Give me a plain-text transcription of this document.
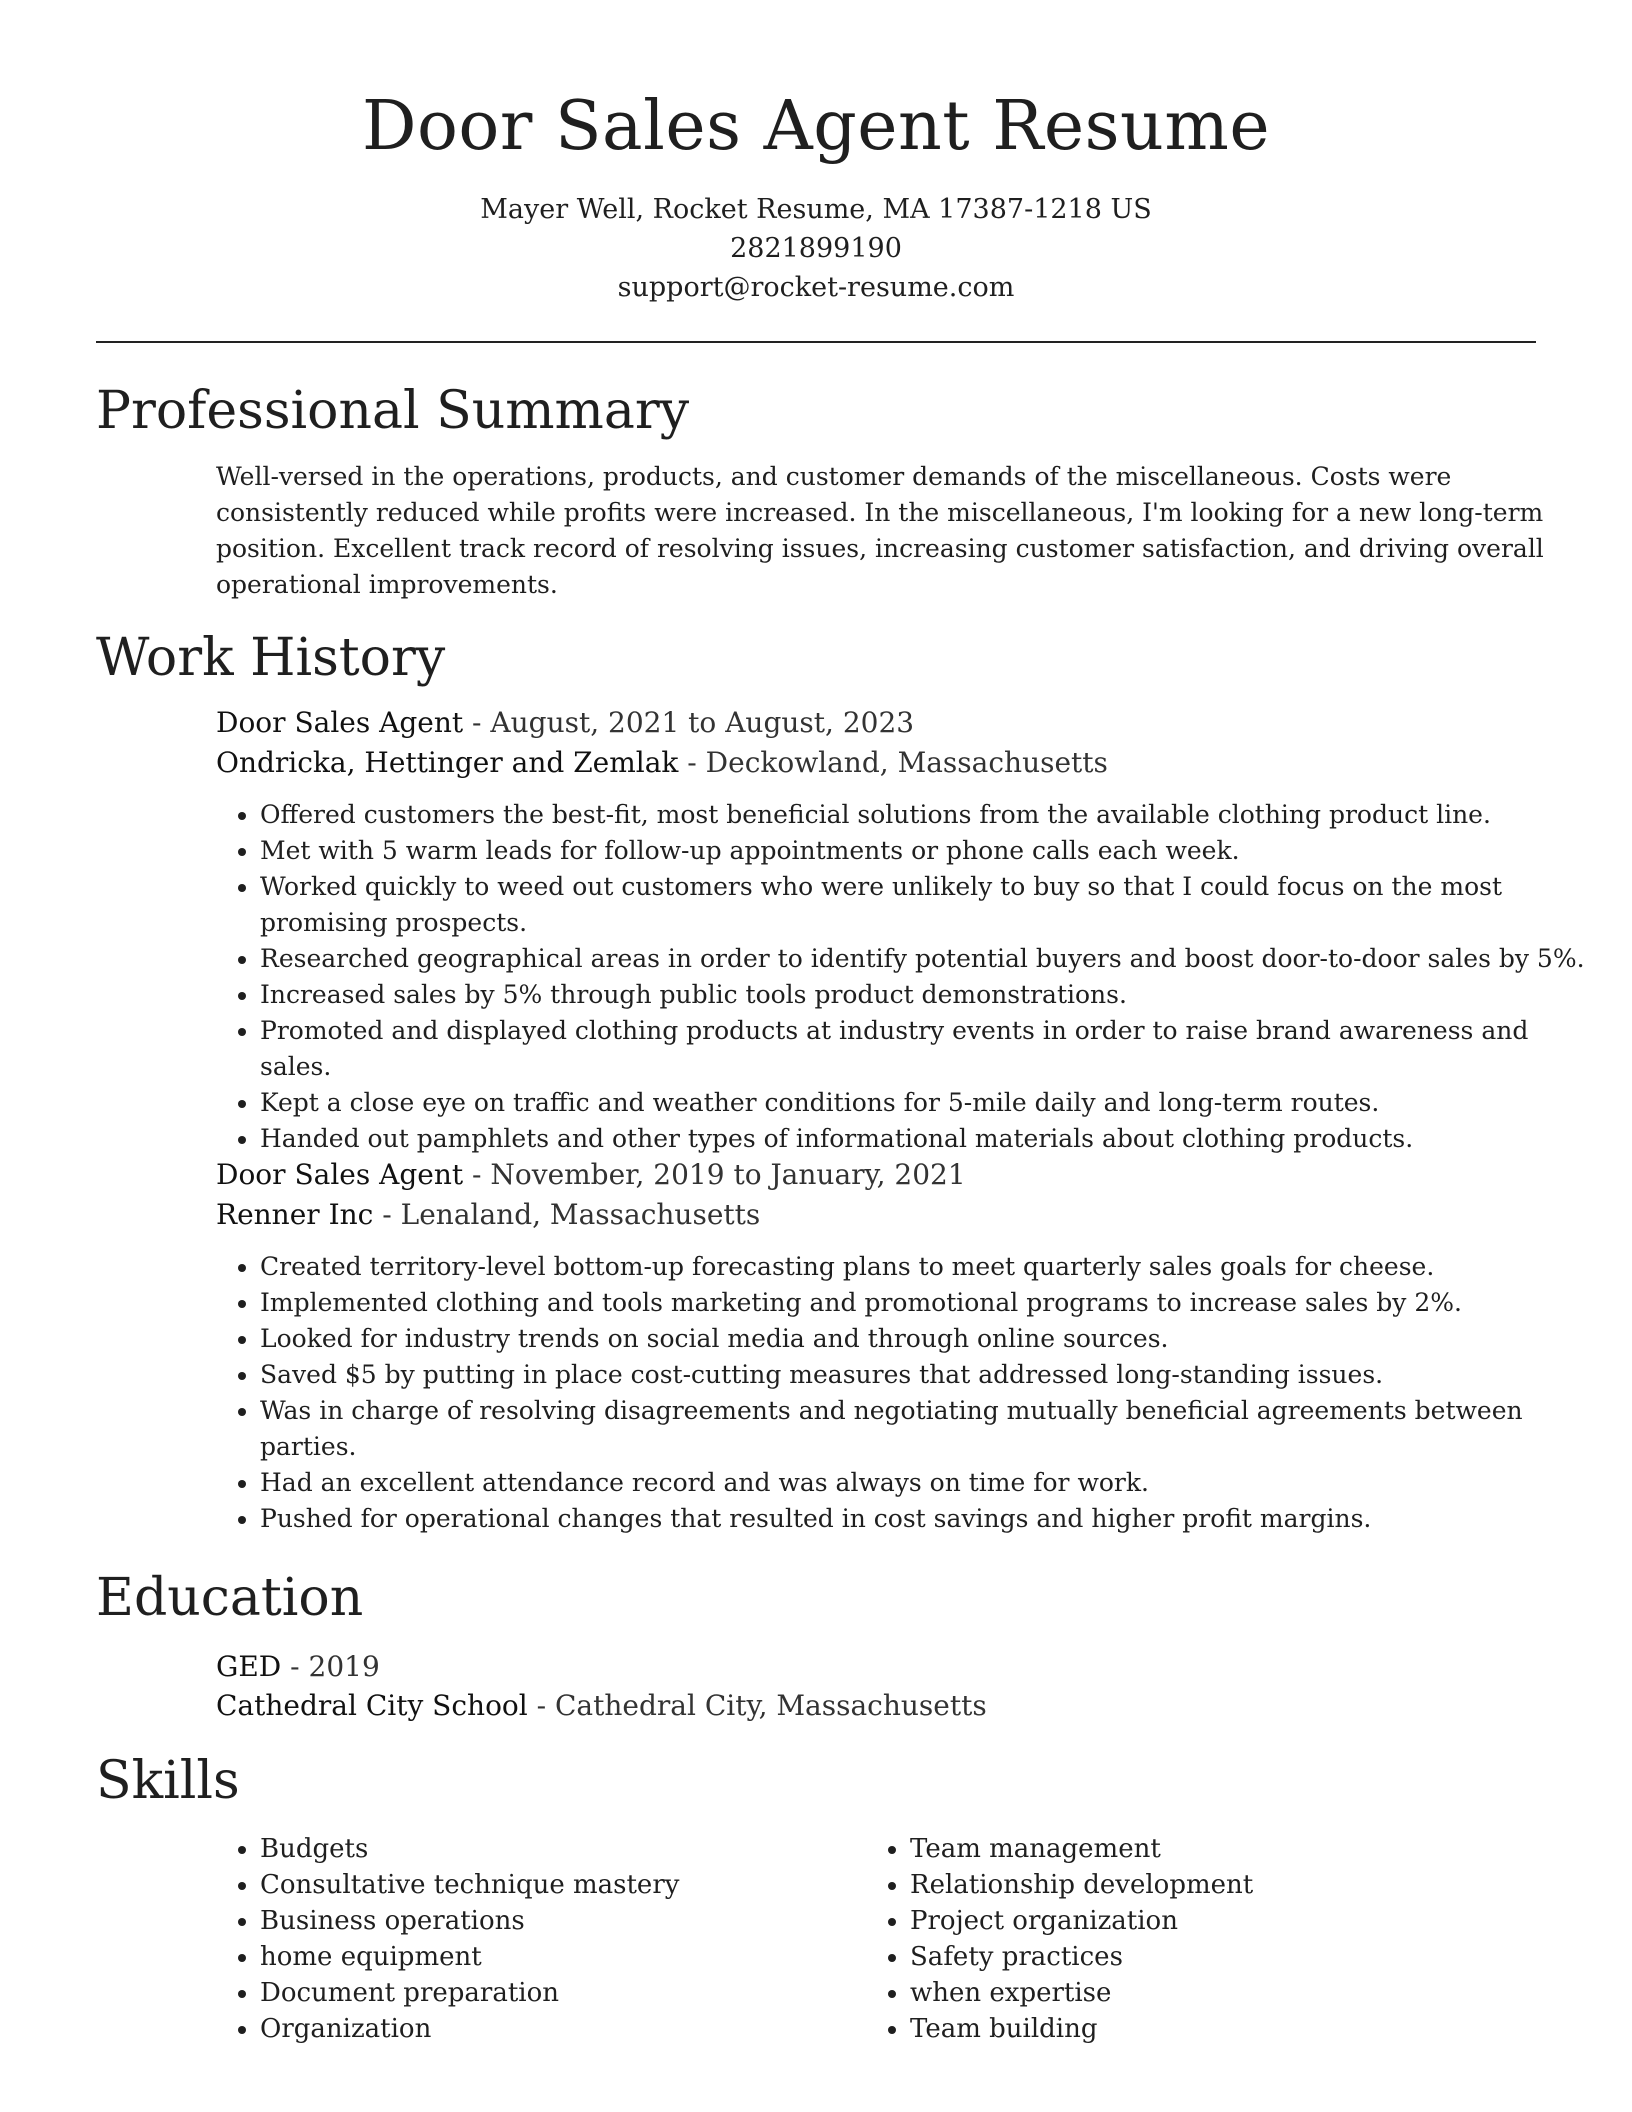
Door Sales Agent Resume
Mayer Well, Rocket Resume, MA 17387-1218 US
2821899190
support@rocket-resume.com
Professional Summary

Well-versed in the operations, products, and customer demands of the miscellaneous. Costs were consistently reduced while profits were increased. In the miscellaneous, I'm looking for a new long-term position. Excellent track record of resolving issues, increasing customer satisfaction, and driving overall operational improvements.

Work History
Door Sales Agent - August, 2021 to August, 2023
Ondricka, Hettinger and Zemlak - Deckowland, Massachusetts
• Offered customers the best-fit, most beneficial solutions from the available clothing product line.
• Met with 5 warm leads for follow-up appointments or phone calls each week.
• Worked quickly to weed out customers who were unlikely to buy so that I could focus on the most promising prospects.
• Researched geographical areas in order to identify potential buyers and boost door-to-door sales by 5%.
• Increased sales by 5% through public tools product demonstrations.
• Promoted and displayed clothing products at industry events in order to raise brand awareness and sales.
• Kept a close eye on traffic and weather conditions for 5-mile daily and long-term routes.
• Handed out pamphlets and other types of informational materials about clothing products.
Door Sales Agent - November, 2019 to January, 2021
Renner Inc - Lenaland, Massachusetts
• Created territory-level bottom-up forecasting plans to meet quarterly sales goals for cheese.
• Implemented clothing and tools marketing and promotional programs to increase sales by 2%.
• Looked for industry trends on social media and through online sources.
• Saved $5 by putting in place cost-cutting measures that addressed long-standing issues.
• Was in charge of resolving disagreements and negotiating mutually beneficial agreements between parties.
• Had an excellent attendance record and was always on time for work.
• Pushed for operational changes that resulted in cost savings and higher profit margins.
Education
GED - 2019
Cathedral City School - Cathedral City, Massachusetts
Skills
• Budgets
• Consultative technique mastery
• Business operations
• home equipment
• Document preparation
• Organization
• Team management
• Relationship development
• Project organization
• Safety practices
• when expertise
• Team building
